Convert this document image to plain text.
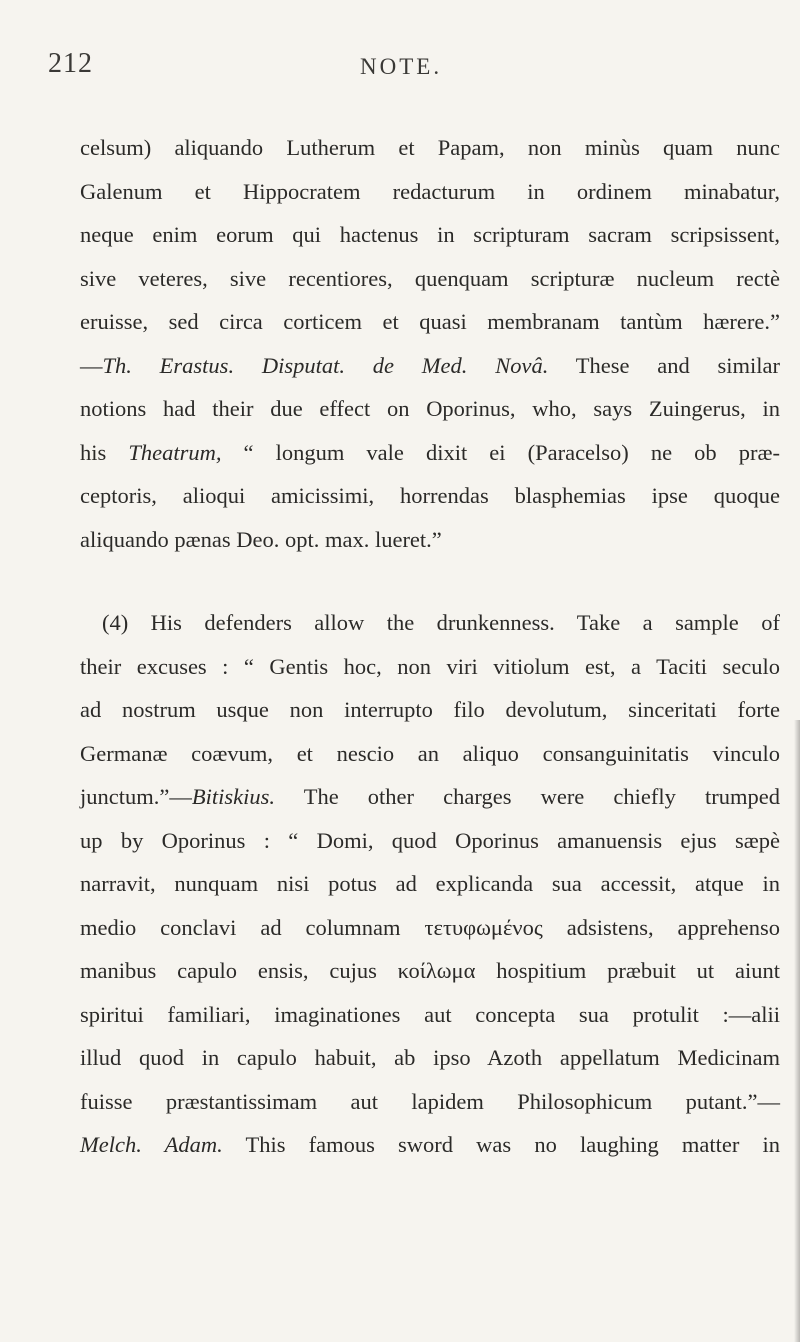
212	NOTE.
celsum) aliquando Lutherum et Papam, non minùs quam nunc
Galenum et Hippocratem redacturum in ordinem minabatur,
neque enim eorum qui hactenus in scripturam sacram scripsissent,
sive veteres, sive recentiores, quenquam scripturæ nucleum rectè
eruisse, sed circa corticem et quasi membranam tantùm hærere.”
—Th. Erastus. Disputat. de Med. Novâ. These and similar
notions had their due effect on Oporinus, who, says Zuingerus, in
his Theatrum, “ longum vale dixit ei (Paracelso) ne ob præ-
ceptoris, alioqui amicissimi, horrendas blasphemias ipse quoque
aliquando pænas Deo. opt. max. lueret.”
(4) His defenders allow the drunkenness. Take a sample of
their excuses : “ Gentis hoc, non viri vitiolum est, a Taciti seculo
ad nostrum usque non interrupto filo devolutum, sinceritati forte
Germanæ coævum, et nescio an aliquo consanguinitatis vinculo
junctum.”—Bitiskius. The other charges were chiefly trumped
up by Oporinus : “ Domi, quod Oporinus amanuensis ejus sæpè
narravit, nunquam nisi potus ad explicanda sua accessit, atque in
medio conclavi ad columnam τετυφωμένος adsistens, apprehenso
manibus capulo ensis, cujus κοίλωμα hospitium præbuit ut aiunt
spiritui familiari, imaginationes aut concepta sua protulit :—alii
illud quod in capulo habuit, ab ipso Azoth appellatum Medicinam
fuisse præstantissimam aut lapidem Philosophicum putant.”—
Melch. Adam. This famous sword was no laughing matter in
